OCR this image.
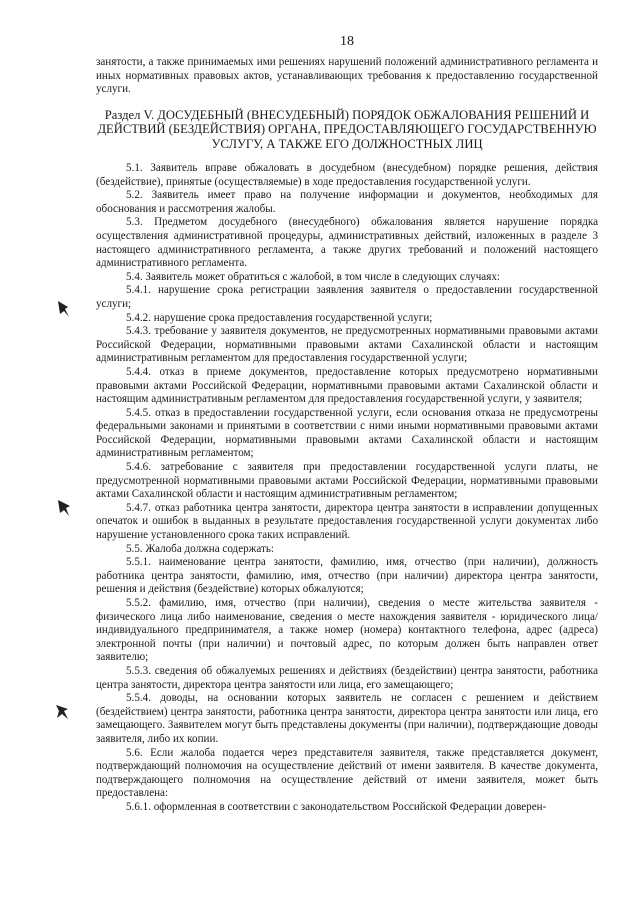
18

занятости, а также принимаемых ими решениях нарушений положений административного регламента и иных нормативных правовых актов, устанавливающих требования к предоставлению государственной услуги.

Раздел V. ДОСУДЕБНЫЙ (ВНЕСУДЕБНЫЙ) ПОРЯДОК ОБЖАЛОВАНИЯ РЕШЕНИЙ И ДЕЙСТВИЙ (БЕЗДЕЙСТВИЯ) ОРГАНА, ПРЕДОСТАВЛЯЮЩЕГО ГОСУДАРСТВЕННУЮ УСЛУГУ, А ТАКЖЕ ЕГО ДОЛЖНОСТНЫХ ЛИЦ

5.1. Заявитель вправе обжаловать в досудебном (внесудебном) порядке решения, действия (бездействие), принятые (осуществляемые) в ходе предоставления государственной услуги.

5.2. Заявитель имеет право на получение информации и документов, необходимых для обоснования и рассмотрения жалобы.

5.3. Предметом досудебного (внесудебного) обжалования является нарушение порядка осуществления административной процедуры, административных действий, изложенных в разделе 3 настоящего административного регламента, а также других требований и положений настоящего административного регламента.

5.4. Заявитель может обратиться с жалобой, в том числе в следующих случаях:

5.4.1. нарушение срока регистрации заявления заявителя о предоставлении государственной услуги;

5.4.2. нарушение срока предоставления государственной услуги;

5.4.3. требование у заявителя документов, не предусмотренных нормативными правовыми актами Российской Федерации, нормативными правовыми актами Сахалинской области и настоящим административным регламентом для предоставления государственной услуги;

5.4.4. отказ в приеме документов, предоставление которых предусмотрено нормативными правовыми актами Российской Федерации, нормативными правовыми актами Сахалинской области и настоящим административным регламентом для предоставления государственной услуги, у заявителя;

5.4.5. отказ в предоставлении государственной услуги, если основания отказа не предусмотрены федеральными законами и принятыми в соответствии с ними иными нормативными правовыми актами Российской Федерации, нормативными правовыми актами Сахалинской области и настоящим административным регламентом;

5.4.6. затребование с заявителя при предоставлении государственной услуги платы, не предусмотренной нормативными правовыми актами Российской Федерации, нормативными правовыми актами Сахалинской области и настоящим административным регламентом;

5.4.7. отказ работника центра занятости, директора центра занятости в исправлении допущенных опечаток и ошибок в выданных в результате предоставления государственной услуги документах либо нарушение установленного срока таких исправлений.

5.5. Жалоба должна содержать:

5.5.1. наименование центра занятости, фамилию, имя, отчество (при наличии), должность работника центра занятости, фамилию, имя, отчество (при наличии) директора центра занятости, решения и действия (бездействие) которых обжалуются;

5.5.2. фамилию, имя, отчество (при наличии), сведения о месте жительства заявителя - физического лица либо наименование, сведения о месте нахождения заявителя - юридического лица/индивидуального предпринимателя, а также номер (номера) контактного телефона, адрес (адреса) электронной почты (при наличии) и почтовый адрес, по которым должен быть направлен ответ заявителю;

5.5.3. сведения об обжалуемых решениях и действиях (бездействии) центра занятости, работника центра занятости, директора центра занятости или лица, его замещающего;

5.5.4. доводы, на основании которых заявитель не согласен с решением и действием (бездействием) центра занятости, работника центра занятости, директора центра занятости или лица, его замещающего. Заявителем могут быть представлены документы (при наличии), подтверждающие доводы заявителя, либо их копии.

5.6. Если жалоба подается через представителя заявителя, также представляется документ, подтверждающий полномочия на осуществление действий от имени заявителя. В качестве документа, подтверждающего полномочия на осуществление действий от имени заявителя, может быть предоставлена:

5.6.1. оформленная в соответствии с законодательством Российской Федерации доверен-
